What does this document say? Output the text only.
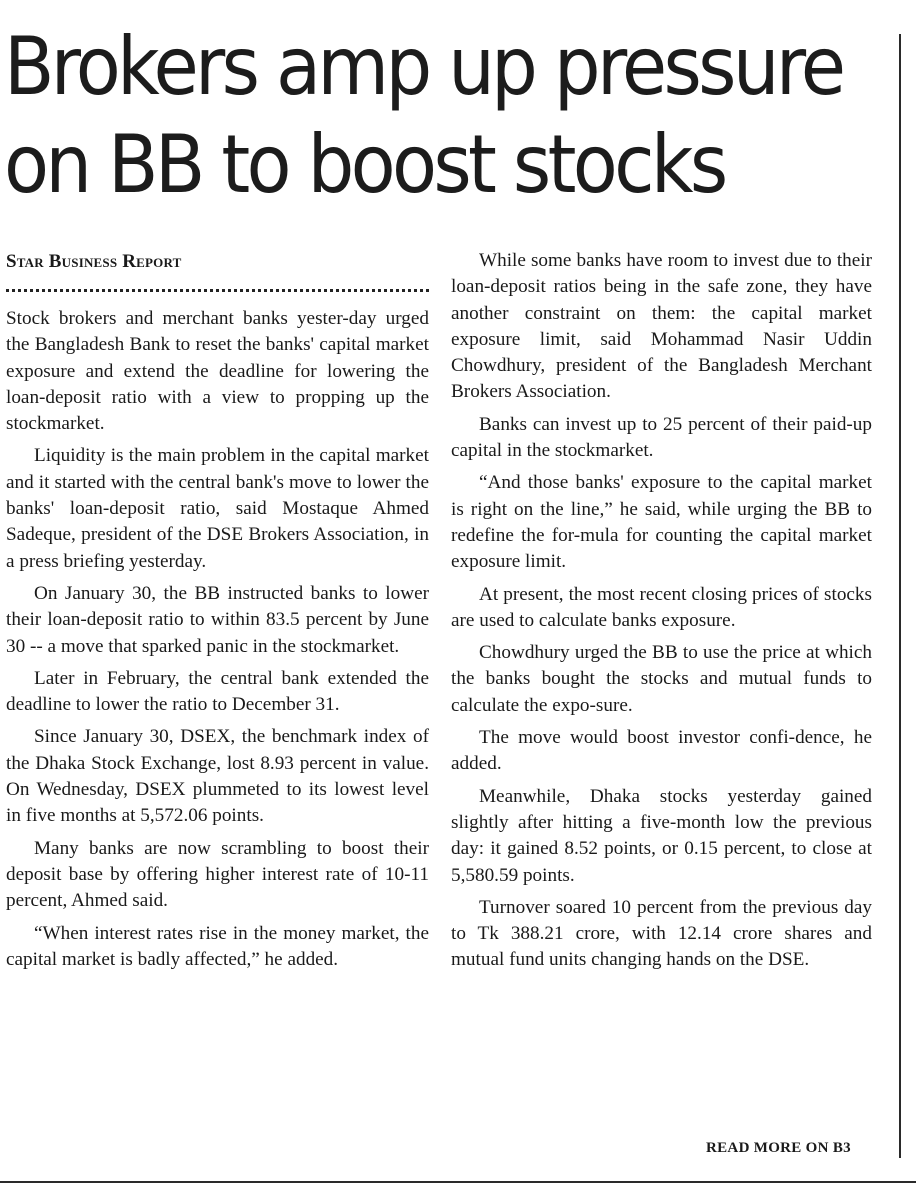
Brokers amp up pressure
on BB to boost stocks
Star Business Report

Stock brokers and merchant banks yester-day urged the Bangladesh Bank to reset the banks' capital market exposure and extend the deadline for lowering the loan-deposit ratio with a view to propping up the stockmarket.

Liquidity is the main problem in the capital market and it started with the central bank's move to lower the banks' loan-deposit ratio, said Mostaque Ahmed Sadeque, president of the DSE Brokers Association, in a press briefing yesterday.

On January 30, the BB instructed banks to lower their loan-deposit ratio to within 83.5 percent by June 30 -- a move that sparked panic in the stockmarket.

Later in February, the central bank extended the deadline to lower the ratio to December 31.

Since January 30, DSEX, the benchmark index of the Dhaka Stock Exchange, lost 8.93 percent in value. On Wednesday, DSEX plummeted to its lowest level in five months at 5,572.06 points.

Many banks are now scrambling to boost their deposit base by offering higher interest rate of 10-11 percent, Ahmed said.

“When interest rates rise in the money market, the capital market is badly affected,” he added.

While some banks have room to invest due to their loan-deposit ratios being in the safe zone, they have another constraint on them: the capital market exposure limit, said Mohammad Nasir Uddin Chowdhury, president of the Bangladesh Merchant Brokers Association.

Banks can invest up to 25 percent of their paid-up capital in the stockmarket.

“And those banks' exposure to the capital market is right on the line,” he said, while urging the BB to redefine the for-mula for counting the capital market exposure limit.

At present, the most recent closing prices of stocks are used to calculate banks exposure.

Chowdhury urged the BB to use the price at which the banks bought the stocks and mutual funds to calculate the expo-sure.

The move would boost investor confi-dence, he added.

Meanwhile, Dhaka stocks yesterday gained slightly after hitting a five-month low the previous day: it gained 8.52 points, or 0.15 percent, to close at 5,580.59 points.

Turnover soared 10 percent from the previous day to Tk 388.21 crore, with 12.14 crore shares and mutual fund units changing hands on the DSE.

READ MORE ON B3
